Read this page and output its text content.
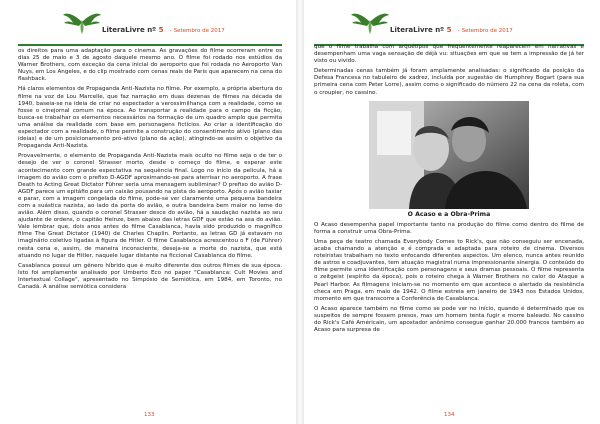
LiteraLivre nº 5 - Setembro de 2017

os direitos para uma adaptação para o cinema. As gravações do filme ocorreram entre os dias 25 de maio e 3 de agosto daquele mesmo ano. O filme foi rodado nos estúdios da Warner Brothers, com exceção da cena inicial do aeroporto que foi rodada no Aeroporto Van Nuys, em Los Angeles, e do clip mostrado com cenas reais de Paris que aparecem na cena do flashback.

Há claros elementos de Propaganda Anti-Nazista no filme. Por exemplo, a própria abertura do filme na voz de Lou Marcelle, que faz narração em duas dezenas de filmes na década de 1940, baseia-se na ideia de criar no espectador a verossimilhança com a realidade, como se fosse o cinejornal comum na época. Ao transportar a realidade para o campo da ficção, busca-se trabalhar os elementos necessários na formação de um quadro amplo que permita uma análise da realidade com base em personagens fictícios. Ao criar a identificação do espectador com a realidade, o filme permite a construção do consentimento ativo (plano das ideias) e de um posicionamento pró-ativo (plano da ação), atingindo-se assim o objetivo da Propaganda Anti-Nazista.

Provavelmente, o elemento de Propaganda Anti-Nazista mais oculto no filme seja o de ter o desejo de ver o coronel Strasser morto, desde o começo do filme, e esperar este acontecimento com grande expectativa na sequência final. Logo no início da película, há a imagem do avião com o prefixo D-AGDF aproximando-se para aterrisar no aeroporto. A frase Death to Acting Great Dictator Führer seria uma mensagem subliminar? O prefixo do avião D-AGDF parece um epitáfio para um caixão pousando na pista do aeroporto. Após o avião taxiar e parar, com a imagem congelada do filme, pode-se ver claramente uma pequena bandeira com a suástica nazista, ao lado da porta do avião, e outra bandeira bem maior no leme do avião. Além disso, quando o coronel Strasser desce do avião, há a saudação nazista ao seu ajudante de ordens, o capitão Heinze, bem abaixo das letras GDF que estão na asa do avião. Vale lembrar que, dois anos antes do filme Casablanca, havia sido produzido o magnífico filme The Great Dictator (1940) de Charles Chaplin. Portanto, as letras GD já estavam no imaginário coletivo ligadas à figura de Hitler. O filme Casablanca acrescentou o F (de Führer) nesta cena e, assim, de maneira inconsciente, deseja-se a morte do nazista, que está atuando no lugar de Hitler, naquele lugar distante na ficcional Casablanca do filme.

Casablanca possui um gênero híbrido que é muito diferente dos outros filmes de sua época. Isto foi amplamente analisado por Umberto Eco no paper "Casablanca: Cult Movies and Intertextual Collage", apresentado no Simpósio de Semiótica, em 1984, em Toronto, no Canadá. A análise semiótica considera

133
LiteraLivre nº 5 - Setembro de 2017

que o filme trabalha com arquétipos que frequentemente reaparecem em narrativas e desempenham uma vaga sensação de déjà vu: situações em que se tem a impressão de já ter visto ou vivido.

Determinadas cenas também já foram amplamente analisadas: o significado da posição da Defesa Francesa no tabuleiro de xadrez, incluída por sugestão de Humphrey Bogart (para sua primeira cena com Peter Lorre), assim como o significado do número 22 na cena da roleta, com o croupier, no cassino.

O Acaso e a Obra-Prima

O Acaso desempenha papel importante tanto na produção do filme como dentro do filme de forma a construir uma Obra-Prima.

Uma peça de teatro chamada Everybody Comes to Rick's, que não conseguiu ser encenada, acaba chamando a atenção e é comprada e adaptada para roteiro de cinema. Diversos roteiristas trabalham no texto enfocando diferentes aspectos. Um elenco, nunca antes reunido de astros e coadjuvantes, tem atuação magistral numa impressionante sinergia. O conteúdo do filme permite uma identificação com personagens e seus dramas pessoais. O filme representa o zeitgeist (espírito da época), pois o roteiro chega à Warner Brothers no calor do Ataque a Pearl Harbor. As filmagens iniciam-se no momento em que acontece o alertado da resistência checa em Praga, em maio de 1942. O filme estreia em janeiro de 1943 nos Estados Unidos, momento em que transcorre a Conferência de Casablanca.

O Acaso aparece também no filme como se pode ver no início, quando é determinado que os suspeitos de sempre fossem presos, mas um homem tenta fugir e morre baleado. No cassino do Rick's Café Américain, um apostador anônimo consegue ganhar 20.000 francos também ao Acaso para surpresa de

134
